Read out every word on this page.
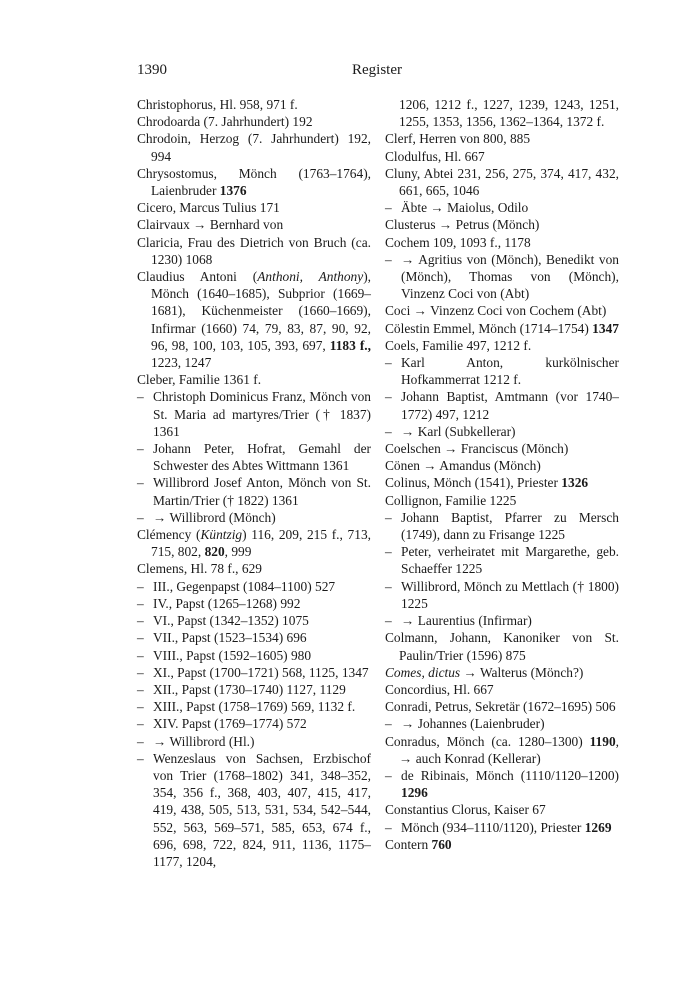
1390	Register
Christophorus, Hl. 958, 971 f.
Chrodoarda (7. Jahrhundert) 192
Chrodoin, Herzog (7. Jahrhundert) 192, 994
Chrysostomus, Mönch (1763–1764), Laienbruder 1376
Cicero, Marcus Tulius 171
Clairvaux → Bernhard von
Claricia, Frau des Dietrich von Bruch (ca. 1230) 1068
Claudius Antoni (Anthoni, Anthony), Mönch (1640–1685), Subprior (1669–1681), Küchenmeister (1660–1669), Infirmar (1660) 74, 79, 83, 87, 90, 92, 96, 98, 100, 103, 105, 393, 697, 1183 f., 1223, 1247
Cleber, Familie 1361 f.
– Christoph Dominicus Franz, Mönch von St. Maria ad martyres/Trier († 1837) 1361
– Johann Peter, Hofrat, Gemahl der Schwester des Abtes Wittmann 1361
– Willibrord Josef Anton, Mönch von St. Martin/Trier († 1822) 1361
– → Willibrord (Mönch)
Clémency (Küntzig) 116, 209, 215 f., 713, 715, 802, 820, 999
Clemens, Hl. 78 f., 629
– III., Gegenpapst (1084–1100) 527
– IV., Papst (1265–1268) 992
– VI., Papst (1342–1352) 1075
– VII., Papst (1523–1534) 696
– VIII., Papst (1592–1605) 980
– XI., Papst (1700–1721) 568, 1125, 1347
– XII., Papst (1730–1740) 1127, 1129
– XIII., Papst (1758–1769) 569, 1132 f.
– XIV. Papst (1769–1774) 572
– → Willibrord (Hl.)
– Wenzeslaus von Sachsen, Erzbischof von Trier (1768–1802) 341, 348–352, 354, 356 f., 368, 403, 407, 415, 417, 419, 438, 505, 513, 531, 534, 542–544, 552, 563, 569–571, 585, 653, 674 f., 696, 698, 722, 824, 911, 1136, 1175–1177, 1204,
1206, 1212 f., 1227, 1239, 1243, 1251, 1255, 1353, 1356, 1362–1364, 1372 f.
Clerf, Herren von 800, 885
Clodulfus, Hl. 667
Cluny, Abtei 231, 256, 275, 374, 417, 432, 661, 665, 1046
– Äbte → Maiolus, Odilo
Clusterus → Petrus (Mönch)
Cochem 109, 1093 f., 1178
– → Agritius von (Mönch), Benedikt von (Mönch), Thomas von (Mönch), Vinzenz Coci von (Abt)
Coci → Vinzenz Coci von Cochem (Abt)
Cölestin Emmel, Mönch (1714–1754) 1347
Coels, Familie 497, 1212 f.
– Karl Anton, kurkölnischer Hofkammerrat 1212 f.
– Johann Baptist, Amtmann (vor 1740–1772) 497, 1212
– → Karl (Subkellerar)
Coelschen → Franciscus (Mönch)
Cönen → Amandus (Mönch)
Colinus, Mönch (1541), Priester 1326
Collignon, Familie 1225
– Johann Baptist, Pfarrer zu Mersch (1749), dann zu Frisange 1225
– Peter, verheiratet mit Margarethe, geb. Schaeffer 1225
– Willibrord, Mönch zu Mettlach († 1800) 1225
– → Laurentius (Infirmar)
Colmann, Johann, Kanoniker von St. Paulin/Trier (1596) 875
Comes, dictus → Walterus (Mönch?)
Concordius, Hl. 667
Conradi, Petrus, Sekretär (1672–1695) 506
– → Johannes (Laienbruder)
Conradus, Mönch (ca. 1280–1300) 1190, → auch Konrad (Kellerar)
– de Ribinais, Mönch (1110/1120–1200) 1296
Constantius Clorus, Kaiser 67
– Mönch (934–1110/1120), Priester 1269
Contern 760
